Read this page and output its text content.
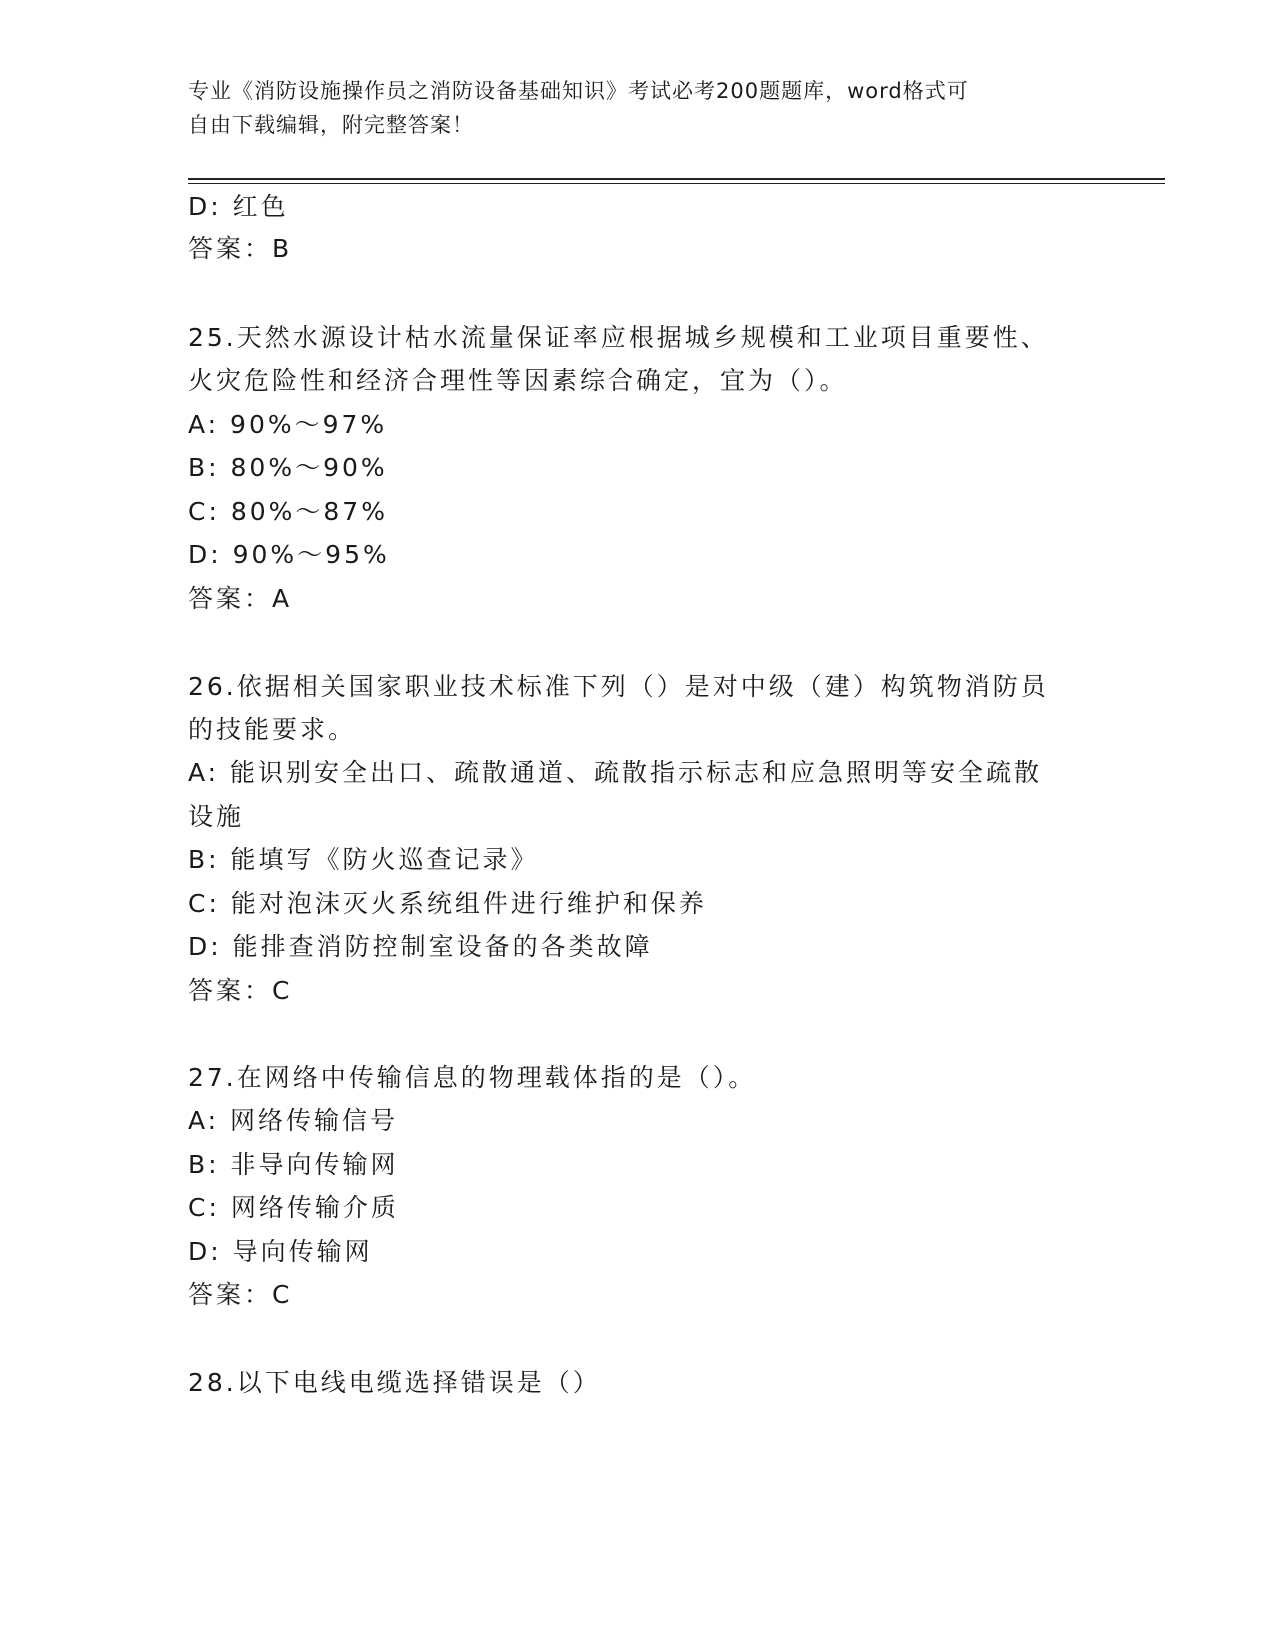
专业《消防设施操作员之消防设备基础知识》考试必考200题题库，word格式可
自由下载编辑，附完整答案！
D: 红色
答案：B
25.天然水源设计枯水流量保证率应根据城乡规模和工业项目重要性、
火灾危险性和经济合理性等因素综合确定，宜为（）。
A: 90%～97%
B: 80%～90%
C: 80%～87%
D: 90%～95%
答案：A
26.依据相关国家职业技术标准下列（）是对中级（建）构筑物消防员
的技能要求。
A: 能识别安全出口、疏散通道、疏散指示标志和应急照明等安全疏散
设施
B: 能填写《防火巡查记录》
C: 能对泡沫灭火系统组件进行维护和保养
D: 能排查消防控制室设备的各类故障
答案：C
27.在网络中传输信息的物理载体指的是（）。
A: 网络传输信号
B: 非导向传输网
C: 网络传输介质
D: 导向传输网
答案：C
28.以下电线电缆选择错误是（）
